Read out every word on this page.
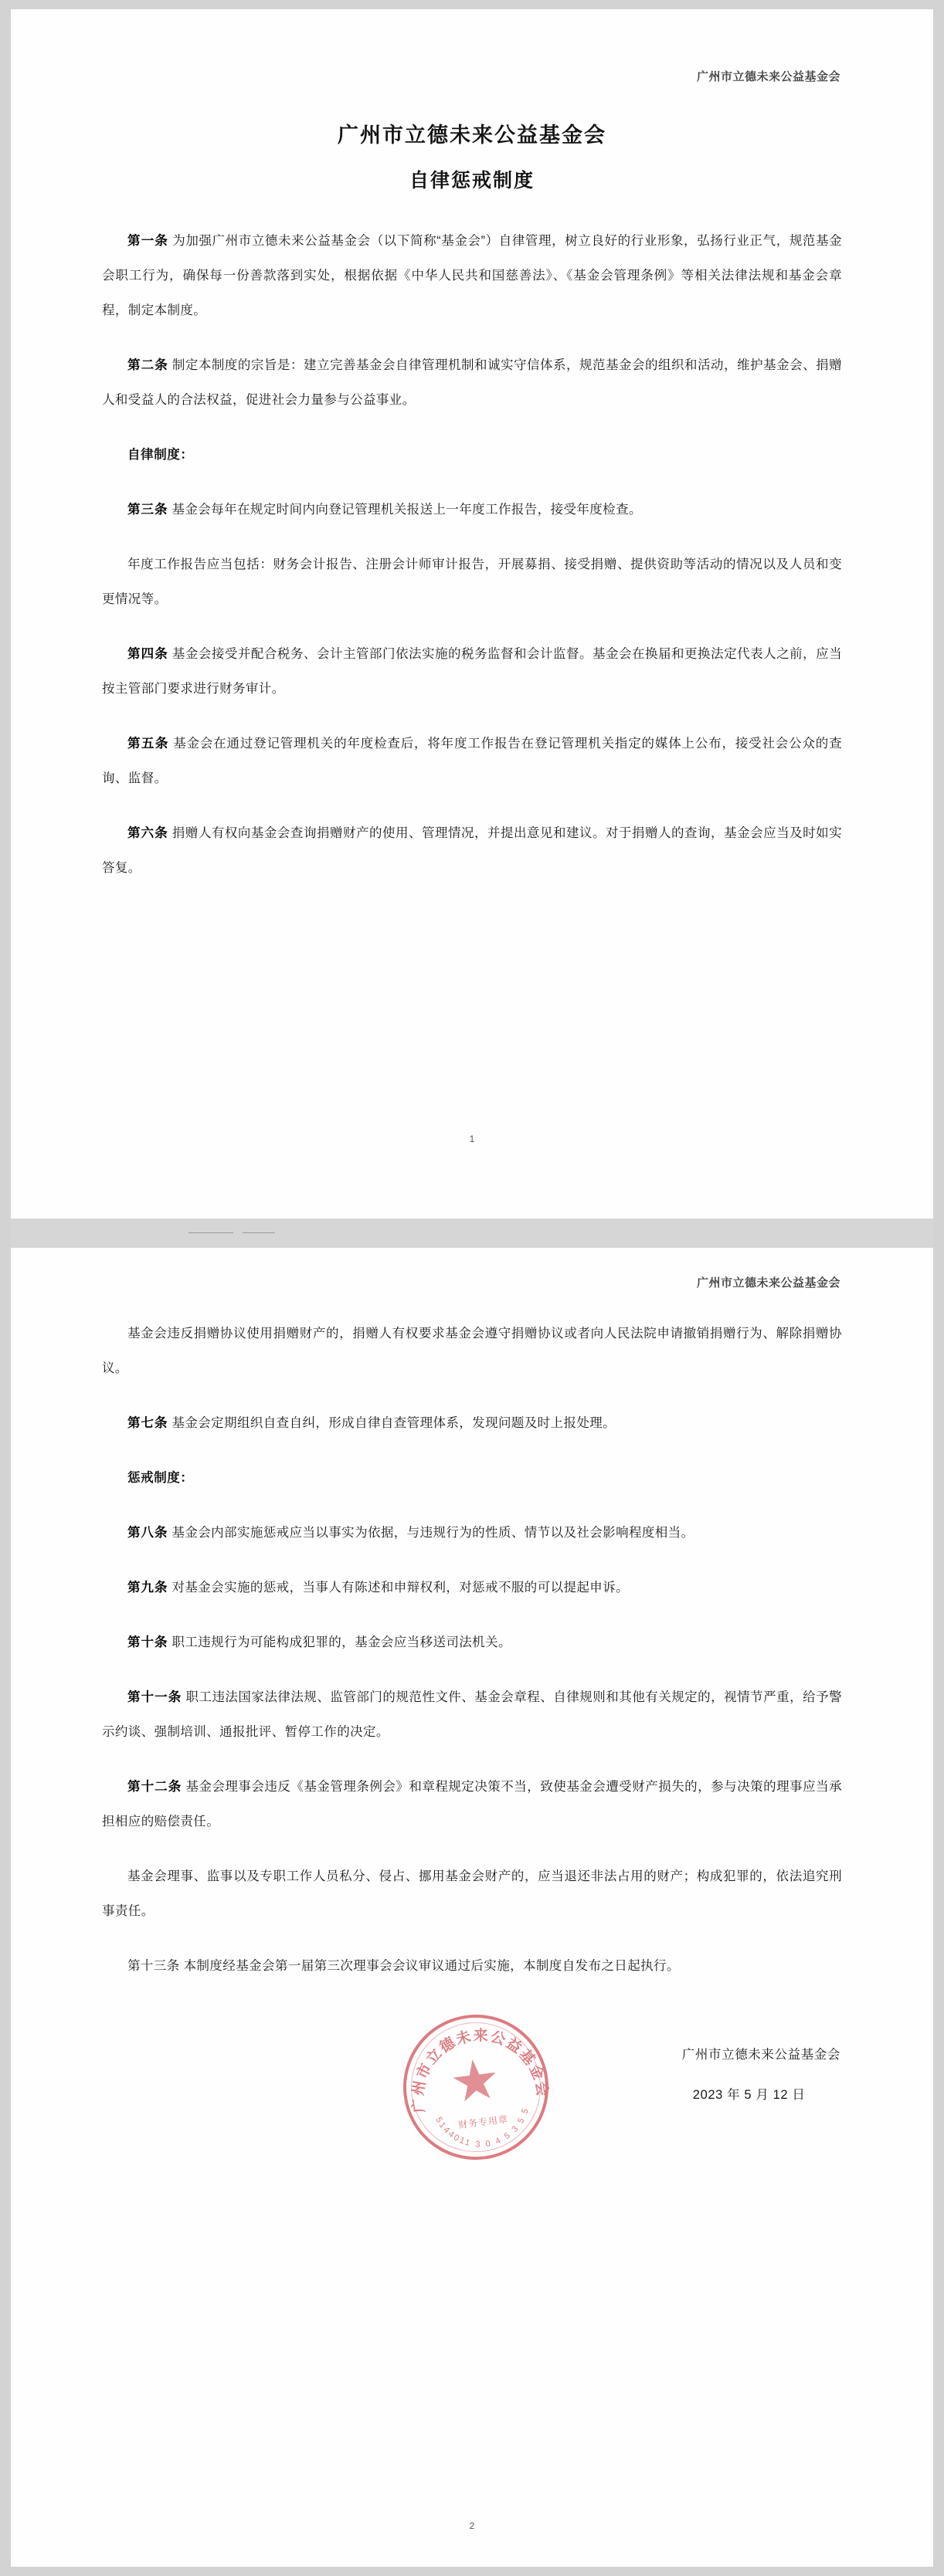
广州市立德未来公益基金会
广州市立德未来公益基金会
自律惩戒制度

第一条 为加强广州市立德未来公益基金会（以下简称“基金会”）自律管理，树立良好的行业形象，弘扬行业正气，规范基金会职工行为，确保每一份善款落到实处，根据依据《中华人民共和国慈善法》、《基金会管理条例》等相关法律法规和基金会章程，制定本制度。

第二条 制定本制度的宗旨是：建立完善基金会自律管理机制和诚实守信体系，规范基金会的组织和活动，维护基金会、捐赠人和受益人的合法权益，促进社会力量参与公益事业。

自律制度：

第三条 基金会每年在规定时间内向登记管理机关报送上一年度工作报告，接受年度检查。

年度工作报告应当包括：财务会计报告、注册会计师审计报告，开展募捐、接受捐赠、提供资助等活动的情况以及人员和变更情况等。

第四条 基金会接受并配合税务、会计主管部门依法实施的税务监督和会计监督。基金会在换届和更换法定代表人之前，应当按主管部门要求进行财务审计。

第五条 基金会在通过登记管理机关的年度检查后，将年度工作报告在登记管理机关指定的媒体上公布，接受社会公众的查询、监督。

第六条 捐赠人有权向基金会查询捐赠财产的使用、管理情况，并提出意见和建议。对于捐赠人的查询，基金会应当及时如实答复。

1
广州市立德未来公益基金会

基金会违反捐赠协议使用捐赠财产的，捐赠人有权要求基金会遵守捐赠协议或者向人民法院申请撤销捐赠行为、解除捐赠协议。

第七条 基金会定期组织自查自纠，形成自律自查管理体系，发现问题及时上报处理。

惩戒制度：

第八条 基金会内部实施惩戒应当以事实为依据，与违规行为的性质、情节以及社会影响程度相当。

第九条 对基金会实施的惩戒，当事人有陈述和申辩权利，对惩戒不服的可以提起申诉。

第十条 职工违规行为可能构成犯罪的，基金会应当移送司法机关。

第十一条 职工违法国家法律法规、监管部门的规范性文件、基金会章程、自律规则和其他有关规定的，视情节严重，给予警示约谈、强制培训、通报批评、暂停工作的决定。

第十二条 基金会理事会违反《基金管理条例会》和章程规定决策不当，致使基金会遭受财产损失的，参与决策的理事应当承担相应的赔偿责任。

基金会理事、监事以及专职工作人员私分、侵占、挪用基金会财产的，应当退还非法占用的财产；构成犯罪的，依法追究刑事责任。

第十三条 本制度经基金会第一届第三次理事会会议审议通过后实施，本制度自发布之日起执行。

广州市立德未来公益基金会
5144011 3 0 4 5 3 5 5
财务专用章
广州市立德未来公益基金会
2023 年 5 月 12 日
2
